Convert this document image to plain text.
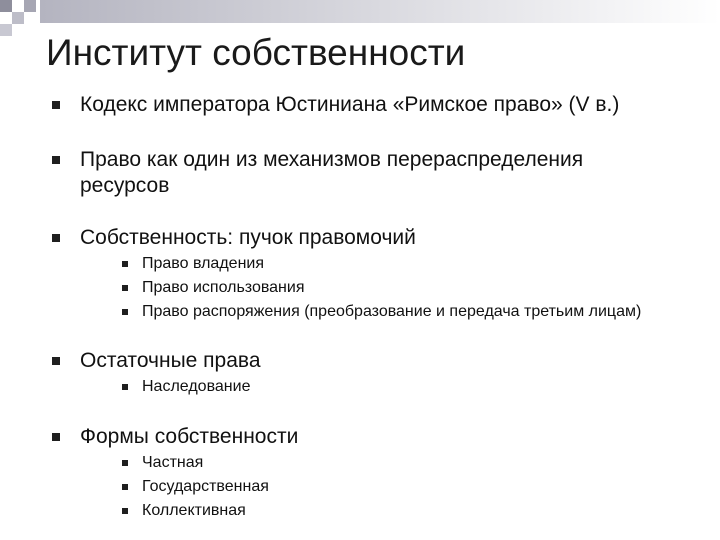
Институт собственности
Кодекс императора Юстиниана «Римское право» (V в.)
Право как один из механизмов перераспределения
ресурсов
Собственность: пучок правомочий
Право владения
Право использования
Право распоряжения (преобразование и передача третьим лицам)
Остаточные права
Наследование
Формы собственности
Частная
Государственная
Коллективная
